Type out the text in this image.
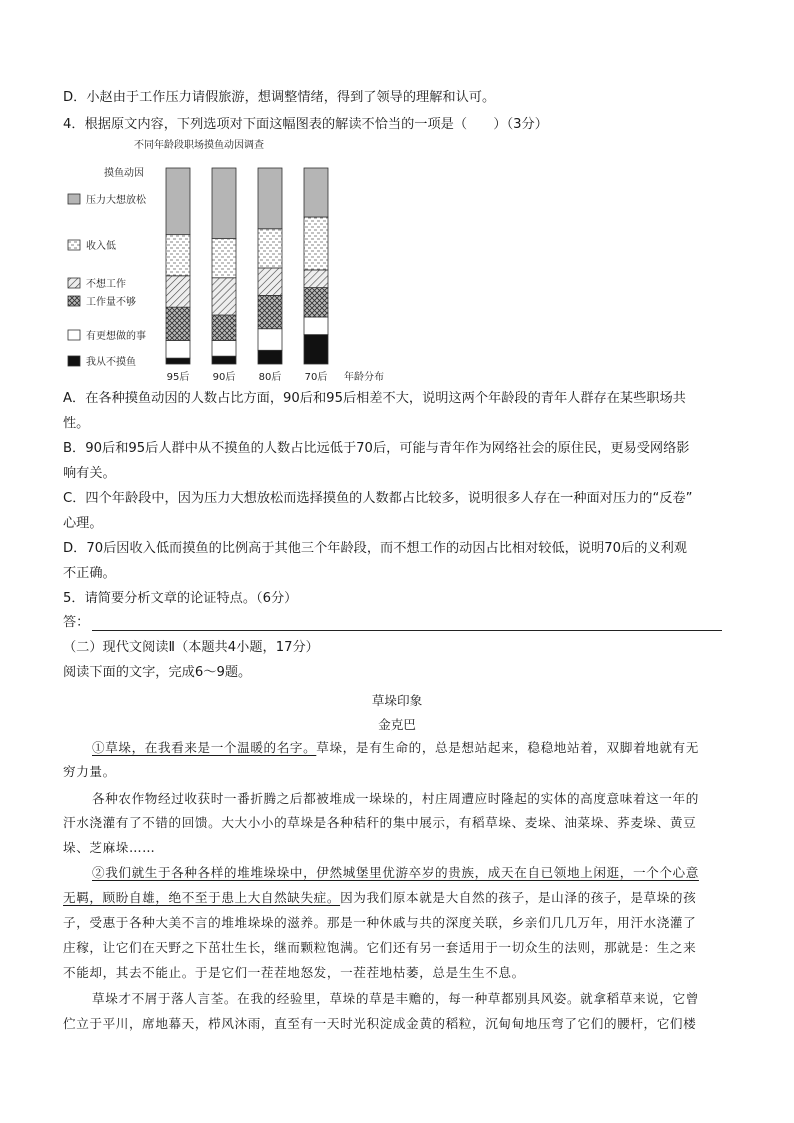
D．小赵由于工作压力请假旅游，想调整情绪，得到了领导的理解和认可。
4．根据原文内容，下列选项对下面这幅图表的解读不恰当的一项是（　　）（3分）
不同年龄段职场摸鱼动因调查
摸鱼动因
压力大想放松
收入低
不想工作
工作量不够
有更想做的事
我从不摸鱼
95后 90后 80后 70后 年龄分布
A．在各种摸鱼动因的人数占比方面，90后和95后相差不大，说明这两个年龄段的青年人群存在某些职场共
性。
B．90后和95后人群中从不摸鱼的人数占比远低于70后，可能与青年作为网络社会的原住民，更易受网络影
响有关。
C．四个年龄段中，因为压力大想放松而选择摸鱼的人数都占比较多，说明很多人存在一种面对压力的“反卷”
心理。
D．70后因收入低而摸鱼的比例高于其他三个年龄段，而不想工作的动因占比相对较低，说明70后的义利观
不正确。
5．请简要分析文章的论证特点。（6分）
答：
（二）现代文阅读Ⅱ（本题共4小题，17分）
阅读下面的文字，完成6～9题。
草垛印象
金克巴
①草垛，在我看来是一个温暖的名字。草垛，是有生命的，总是想站起来，稳稳地站着，双脚着地就有无
穷力量。
各种农作物经过收获时一番折腾之后都被堆成一垛垛的，村庄周遭应时隆起的实体的高度意味着这一年的
汗水浇灌有了不错的回馈。大大小小的草垛是各种秸秆的集中展示，有稻草垛、麦垛、油菜垛、荞麦垛、黄豆
垛、芝麻垛……
②我们就生于各种各样的堆堆垛垛中，伊然城堡里优游卒岁的贵族，成天在自已领地上闲逛，一个个心意
无羁，顾盼自雄，绝不至于患上大自然缺失症。因为我们原本就是大自然的孩子，是山泽的孩子，是草垛的孩
子，受惠于各种大美不言的堆堆垛垛的滋养。那是一种休戚与共的深度关联，乡亲们几几万年，用汗水浇灌了
庄稼，让它们在天野之下茁壮生长，继而颗粒饱满。它们还有另一套适用于一切众生的法则，那就是：生之来
不能却，其去不能止。于是它们一茬茬地怒发，一茬茬地枯萎，总是生生不息。
草垛才不屑于落人言荃。在我的经验里，草垛的草是丰赡的，每一种草都别具风姿。就拿稻草来说，它曾
伫立于平川，席地幕天，栉风沐雨，直至有一天时光积淀成金黄的稻粒，沉甸甸地压弯了它们的腰杆，它们楼
